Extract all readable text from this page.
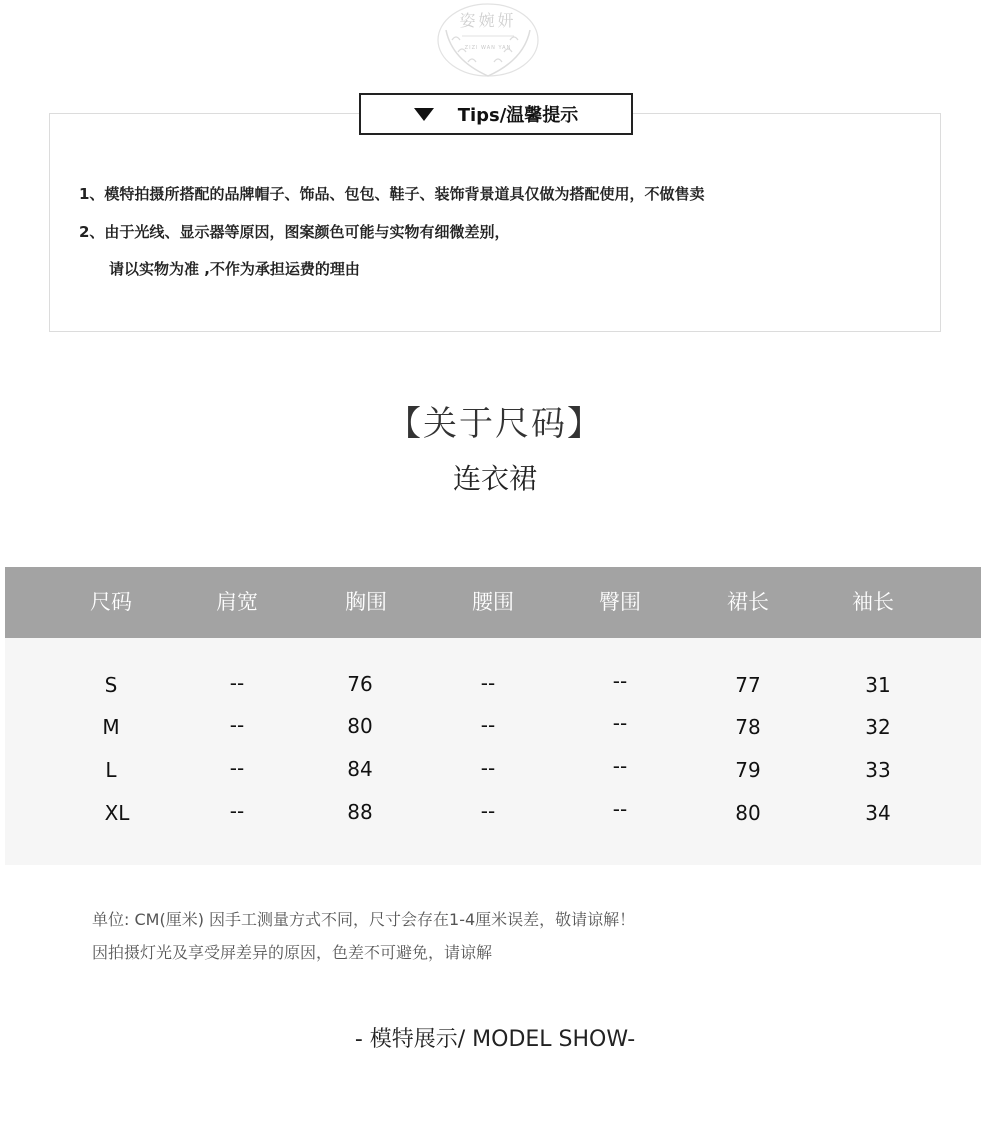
姿婉妍
ZIZI WAN YAN
Tips/温馨提示
1、模特拍摄所搭配的品牌帽子、饰品、包包、鞋子、装饰背景道具仅做为搭配使用，不做售卖
2、由于光线、显示器等原因，图案颜色可能与实物有细微差别，
请以实物为准 ,不作为承担运费的理由
【关于尺码】
连衣裙
尺码	肩宽	胸围	腰围	臀围	裙长	袖长
S	--	76	--	--	77	31
M	--	80	--	--	78	32
L	--	84	--	--	79	33
XL	--	88	--	--	80	34
单位: CM(厘米) 因手工测量方式不同，尺寸会存在1-4厘米误差，敬请谅解！
因拍摄灯光及享受屏差异的原因，色差不可避免，请谅解
- 模特展示/ MODEL SHOW-
